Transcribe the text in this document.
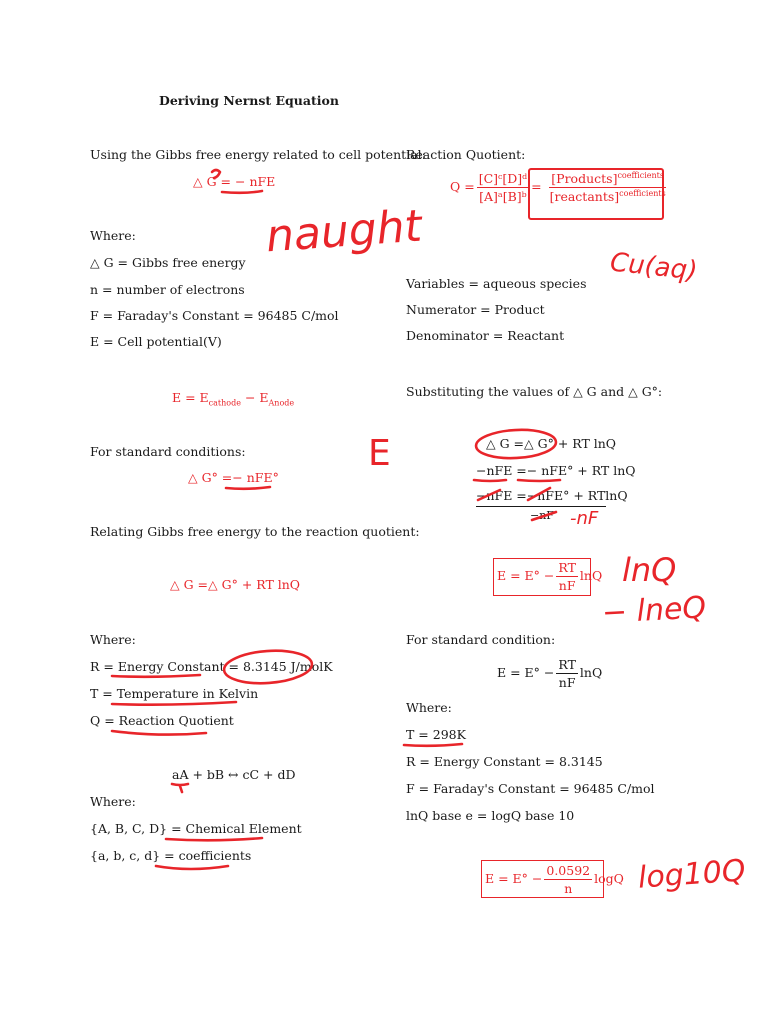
Deriving Nernst Equation
Using the Gibbs free energy related to cell potential:
△ G = − nFE
Where:
△ G = Gibbs free energy
n = number of electrons
F = Faraday's Constant = 96485 C/mol
E = Cell potential(V)
$E = E_{cathode} - E_{Anode}$
For standard conditions:
△ G° =− nFE°
Relating Gibbs free energy to the reaction quotient:
△ G =△ G° + RT lnQ
Where:
R = Energy Constant = 8.3145 J/molK
T = Temperature in Kelvin
Q = Reaction Quotient
aA + bB ↔ cC + dD
Where:
{A, B, C, D} = Chemical Element
{a, b, c, d} = coefficients
Reaction Quotient:
$Q = \frac{\text{[C]ᶜ[D]ᵈ}}{\text{[A]ᵃ[B]ᵇ}} = \frac{[Products]^{coefficients}}{[reactants]^{coefficients}}$
Variables = aqueous species
Numerator = Product
Denominator = Reactant
Substituting the values of △ G and △ G°:
△ G =△ G° + RT lnQ
−nFE =− nFE° + RT lnQ
−nFE =−nFE° + RTlnQ
−nF
$E = E^\circ - \frac{RT}{nF}$ lnQ
For standard condition:
$E = E^\circ - \frac{RT}{nF}$ lnQ
Where:
T = 298K
R = Energy Constant = 8.3145
F = Faraday's Constant = 96485 C/mol
lnQ base e = logQ base 10
$E = E^\circ - \frac{0.0592}{n}$ logQ
naught
Cu(aq)
E
-nF
lnQ
− lneQ
log10Q
